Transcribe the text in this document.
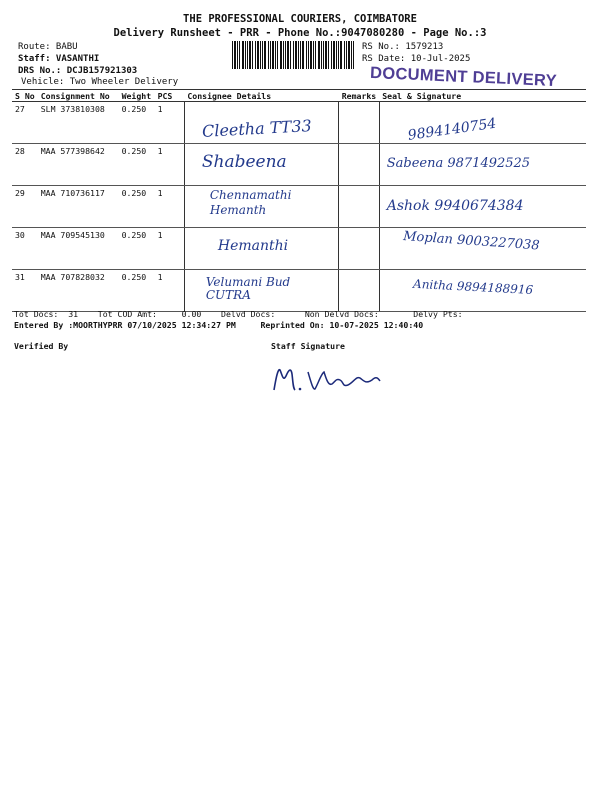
THE PROFESSIONAL COURIERS, COIMBATORE
Delivery Runsheet - PRR - Phone No.:9047080280 - Page No.:3
Route: BABU
Staff: VASANTHI
DRS No.: DCJB157921303
Vehicle: Two Wheeler Delivery
RS No.: 1579213
RS Date: 10-Jul-2025
DOCUMENT DELIVERY
S No	Consignment No	Weight	PCS	Consignee Details	Remarks	Seal & Signature
27	SLM 373810308	0.250	1	Cleetha TT33		9894140754

28	MAA 577398642	0.250	1	Shabeena		Sabeena 9871492525

29	MAA 710736117	0.250	1	Chennamathi Hemanth		Ashok 9940674384

30	MAA 709545130	0.250	1	Hemanthi		Moplan 9003227038

31	MAA 707828032	0.250	1	Velumani Bud CUTRA		Anitha 9894188916
Tot Docs:  31    Tot COD Amt:     0.00    Delvd Docs:      Non Delvd Docs:       Delvy Pts:
Entered By :MOORTHYPRR 07/10/2025 12:34:27 PM     Reprinted On: 10-07-2025 12:40:40
Verified By	Staff Signature
